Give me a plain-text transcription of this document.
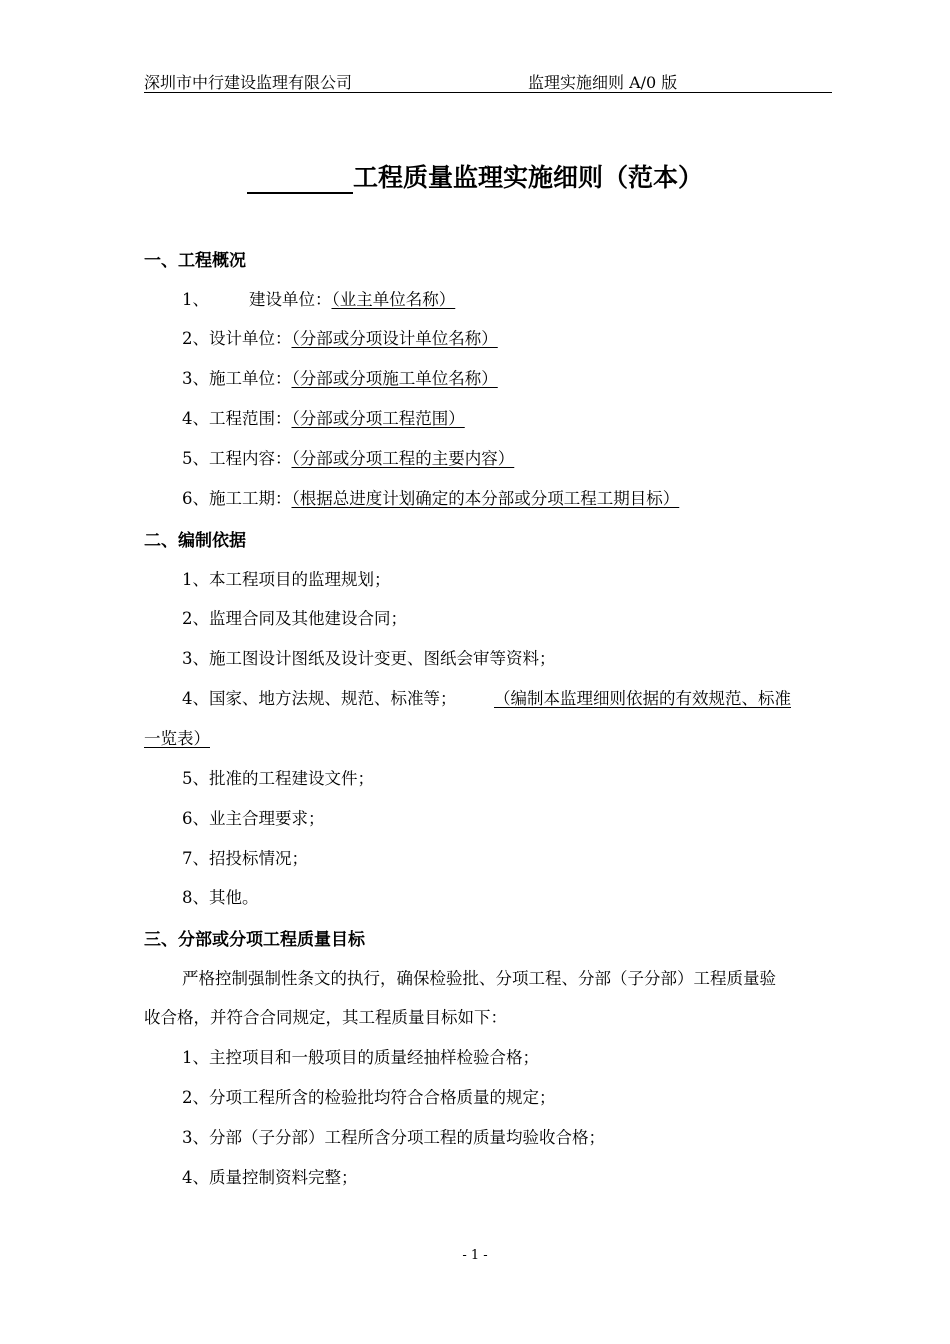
深圳市中行建设监理有限公司	监理实施细则 A/0 版
工程质量监理实施细则（范本）
一、工程概况
1、 建设单位：（业主单位名称）
2、设计单位：（分部或分项设计单位名称）
3、施工单位：（分部或分项施工单位名称）
4、工程范围：（分部或分项工程范围）
5、工程内容：（分部或分项工程的主要内容）
6、施工工期：（根据总进度计划确定的本分部或分项工程工期目标）
二、编制依据
1、本工程项目的监理规划；
2、监理合同及其他建设合同；
3、施工图设计图纸及设计变更、图纸会审等资料；
4、国家、地方法规、规范、标准等； （编制本监理细则依据的有效规范、标准
一览表）
5、批准的工程建设文件；
6、业主合理要求；
7、招投标情况；
8、其他。
三、分部或分项工程质量目标
严格控制强制性条文的执行，确保检验批、分项工程、分部（子分部）工程质量验
收合格，并符合合同规定，其工程质量目标如下：
1、主控项目和一般项目的质量经抽样检验合格；
2、分项工程所含的检验批均符合合格质量的规定；
3、分部（子分部）工程所含分项工程的质量均验收合格；
4、质量控制资料完整；
- 1 -
